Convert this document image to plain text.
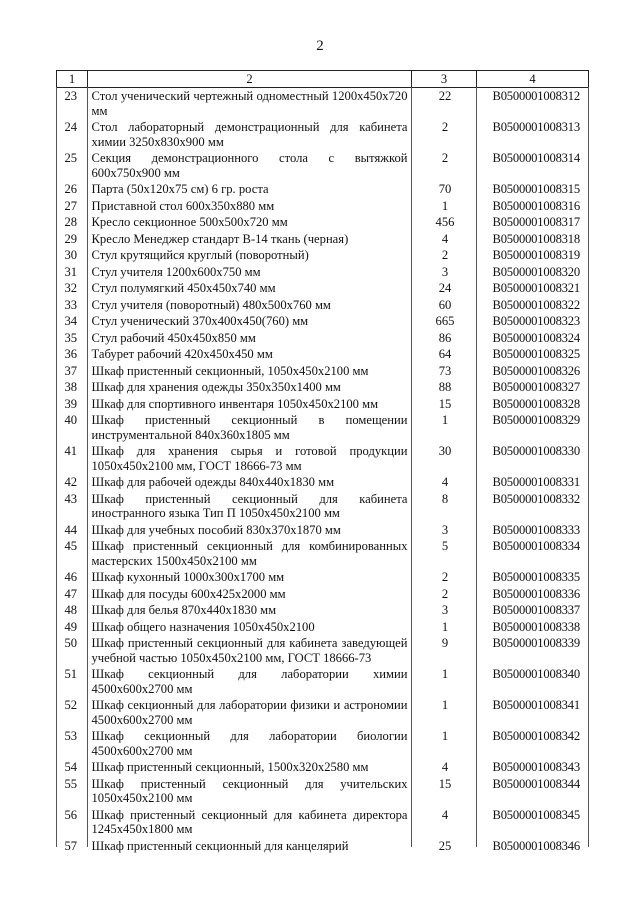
2
1	2	3	4
23	Стол ученический чертежный одноместный 1200х450х720 мм	22	B0500001008312
24	Стол лабораторный демонстрационный для кабинета химии 3250х830х900 мм	2	B0500001008313
25	Секция демонстрационного стола с вытяжкой 600х750х900 мм	2	B0500001008314
26	Парта (50х120х75 см) 6 гр. роста	70	B0500001008315
27	Приставной стол 600х350х880 мм	1	B0500001008316
28	Кресло секционное 500х500х720 мм	456	B0500001008317
29	Кресло Менеджер стандарт В-14 ткань (черная)	4	B0500001008318
30	Стул крутящийся круглый (поворотный)	2	B0500001008319
31	Стул учителя 1200х600х750 мм	3	B0500001008320
32	Стул полумягкий 450х450х740 мм	24	B0500001008321
33	Стул учителя (поворотный) 480х500х760 мм	60	B0500001008322
34	Стул ученический 370х400х450(760) мм	665	B0500001008323
35	Стул рабочий 450х450х850 мм	86	B0500001008324
36	Табурет рабочий 420х450х450 мм	64	B0500001008325
37	Шкаф пристенный секционный, 1050х450х2100 мм	73	B0500001008326
38	Шкаф для хранения одежды 350х350х1400 мм	88	B0500001008327
39	Шкаф для спортивного инвентаря 1050х450х2100 мм	15	B0500001008328
40	Шкаф пристенный секционный в помещении инструментальной 840х360х1805 мм	1	B0500001008329
41	Шкаф для хранения сырья и готовой продукции 1050х450х2100 мм, ГОСТ 18666-73 мм	30	B0500001008330
42	Шкаф для рабочей одежды 840х440х1830 мм	4	B0500001008331
43	Шкаф пристенный секционный для кабинета иностранного языка Тип П 1050х450х2100 мм	8	B0500001008332
44	Шкаф для учебных пособий 830х370х1870 мм	3	B0500001008333
45	Шкаф пристенный секционный для комбинированных мастерских 1500х450х2100 мм	5	B0500001008334
46	Шкаф кухонный 1000х300х1700 мм	2	B0500001008335
47	Шкаф для посуды 600х425х2000 мм	2	B0500001008336
48	Шкаф для белья 870х440х1830 мм	3	B0500001008337
49	Шкаф общего назначения 1050х450х2100	1	B0500001008338
50	Шкаф пристенный секционный для кабинета заведующей учебной частью 1050х450х2100 мм, ГОСТ 18666-73	9	B0500001008339
51	Шкаф секционный для лаборатории химии 4500х600х2700 мм	1	B0500001008340
52	Шкаф секционный для лаборатории физики и астрономии 4500х600х2700 мм	1	B0500001008341
53	Шкаф секционный для лаборатории биологии 4500х600х2700 мм	1	B0500001008342
54	Шкаф пристенный секционный, 1500х320х2580 мм	4	B0500001008343
55	Шкаф пристенный секционный для учительских 1050х450х2100 мм	15	B0500001008344
56	Шкаф пристенный секционный для кабинета директора 1245х450х1800 мм	4	B0500001008345
57	Шкаф пристенный секционный для канцелярий	25	B0500001008346
